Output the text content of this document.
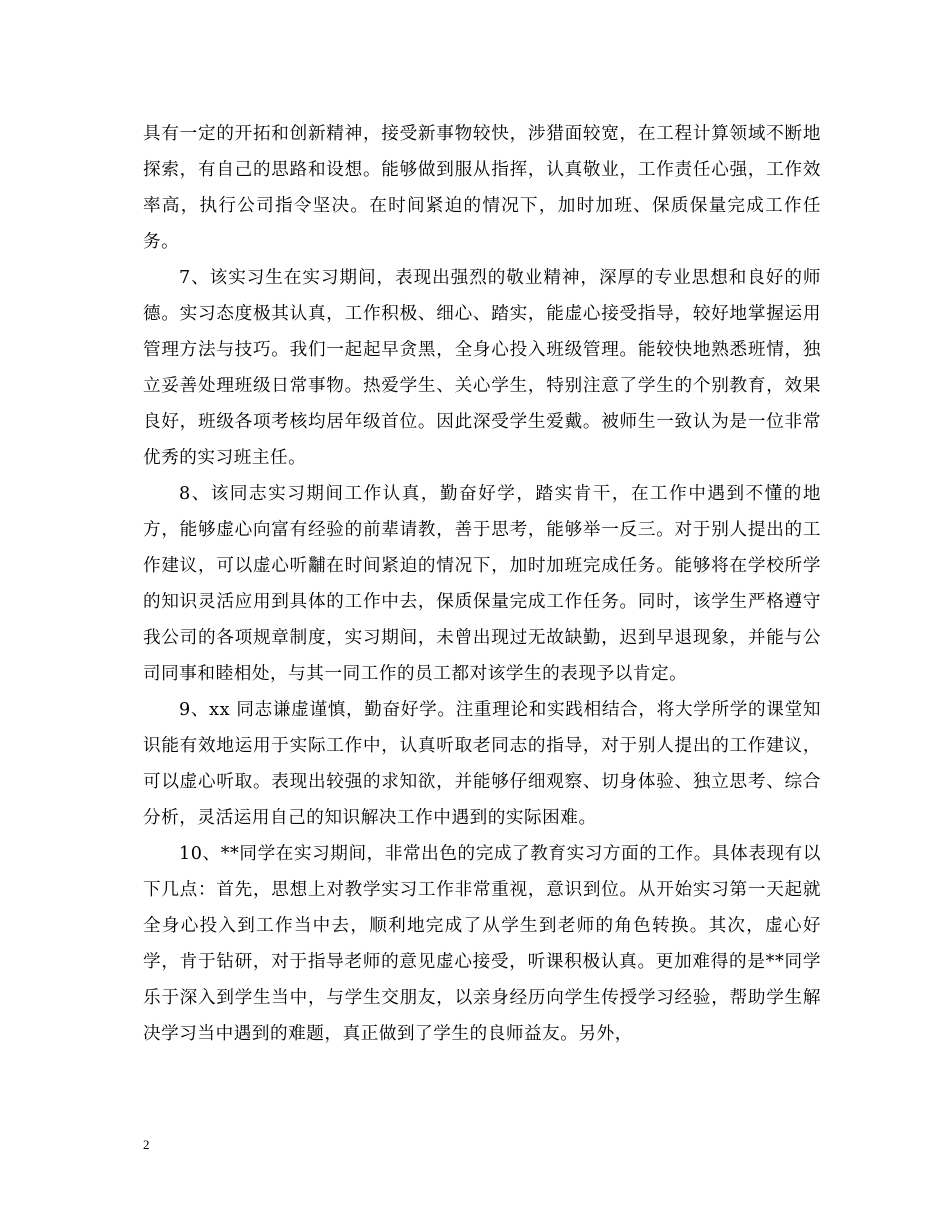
具有一定的开拓和创新精神，接受新事物较快，涉猎面较宽，在工程计算领域不断地探索，有自己的思路和设想。能够做到服从指挥，认真敬业，工作责任心强，工作效率高，执行公司指令坚决。在时间紧迫的情况下，加时加班、保质保量完成工作任务。

7、该实习生在实习期间，表现出强烈的敬业精神，深厚的专业思想和良好的师德。实习态度极其认真，工作积极、细心、踏实，能虚心接受指导，较好地掌握运用管理方法与技巧。我们一起起早贪黑，全身心投入班级管理。能较快地熟悉班情，独立妥善处理班级日常事物。热爱学生、关心学生，特别注意了学生的个别教育，效果良好，班级各项考核均居年级首位。因此深受学生爱戴。被师生一致认为是一位非常优秀的实习班主任。

8、该同志实习期间工作认真，勤奋好学，踏实肯干，在工作中遇到不懂的地方，能够虚心向富有经验的前辈请教，善于思考，能够举一反三。对于别人提出的工作建议，可以虚心听黼在时间紧迫的情况下，加时加班完成任务。能够将在学校所学的知识灵活应用到具体的工作中去，保质保量完成工作任务。同时，该学生严格遵守我公司的各项规章制度，实习期间，未曾出现过无故缺勤，迟到早退现象，并能与公司同事和睦相处，与其一同工作的员工都对该学生的表现予以肯定。

9、xx 同志谦虚谨慎，勤奋好学。注重理论和实践相结合，将大学所学的课堂知识能有效地运用于实际工作中，认真听取老同志的指导，对于别人提出的工作建议，可以虚心听取。表现出较强的求知欲，并能够仔细观察、切身体验、独立思考、综合分析，灵活运用自己的知识解决工作中遇到的实际困难。

10、**同学在实习期间，非常出色的完成了教育实习方面的工作。具体表现有以下几点：首先，思想上对教学实习工作非常重视，意识到位。从开始实习第一天起就全身心投入到工作当中去，顺利地完成了从学生到老师的角色转换。其次，虚心好学，肯于钻研，对于指导老师的意见虚心接受，听课积极认真。更加难得的是**同学乐于深入到学生当中，与学生交朋友，以亲身经历向学生传授学习经验，帮助学生解决学习当中遇到的难题，真正做到了学生的良师益友。另外，

2
